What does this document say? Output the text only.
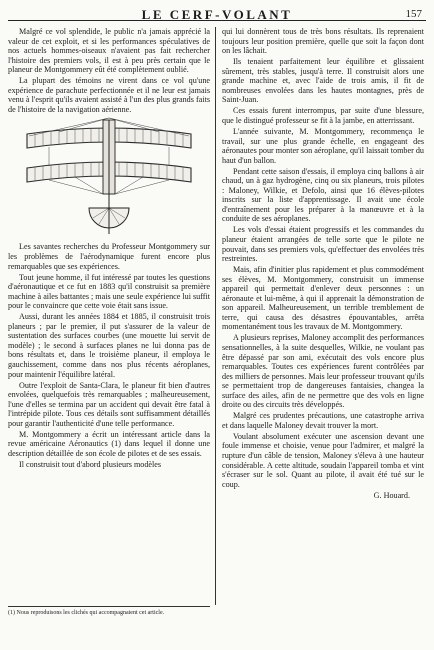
LE CERF-VOLANT	157

Malgré ce vol splendide, le public n'a jamais apprécié la valeur de cet exploit, et si les performances spéculatives de nos actuels hommes-oiseaux n'avaient pas fait rechercher l'histoire des premiers vols, il est à peu près certain que le planeur de Montgommery eût été complètement oublié.

La plupart des témoins ne virent dans ce vol qu'une expérience de parachute perfectionnée et il ne leur est jamais venu à l'esprit qu'ils avaient assisté à l'un des plus grands faits de l'histoire de la navigation aérienne.

Les savantes recherches du Professeur Montgommery sur les problèmes de l'aérodynamique furent encore plus remarquables que ses expériences.

Tout jeune homme, il fut intéressé par toutes les questions d'aéronautique et ce fut en 1883 qu'il construisit sa première machine à ailes battantes ; mais une seule expérience lui suffit pour le convaincre que cette voie était sans issue.

Aussi, durant les années 1884 et 1885, il construisit trois planeurs ; par le premier, il put s'assurer de la valeur de sustentation des surfaces courbes (une mouette lui servit de modèle) ; le second à surfaces planes ne lui donna pas de bons résultats et, dans le troisième planeur, il employa le gauchissement, comme dans nos plus récents aéroplanes, pour maintenir l'équilibre latéral.

Outre l'exploit de Santa-Clara, le planeur fit bien d'autres envolées, quelquefois très remarquables ; malheureusement, l'une d'elles se termina par un accident qui devait être fatal à l'intrépide pilote. Tous ces détails sont suffisamment détaillés pour garantir l'authenticité d'une telle performance.

M. Montgommery a écrit un intéressant article dans la revue américaine Aéronautics (1) dans lequel il donne une description détaillée de son école de pilotes et de ses essais.

Il construisit tout d'abord plusieurs modèles

qui lui donnèrent tous de très bons résultats. Ils reprenaient toujours leur position première, quelle que soit la façon dont on les lâchait.

Ils tenaient parfaitement leur équilibre et glissaient sûrement, très stables, jusqu'à terre. Il construisit alors une grande machine et, avec l'aide de trois amis, il fit de nombreuses envolées dans les hautes montagnes, près de Saint-Juan.

Ces essais furent interrompus, par suite d'une blessure, que le distingué professeur se fit à la jambe, en atterrissant.

L'année suivante, M. Montgommery, recommença le travail, sur une plus grande échelle, en engageant des aéronautes pour monter son aéroplane, qu'il laissait tomber du haut d'un ballon.

Pendant cette saison d'essais, il employa cinq ballons à air chaud, un à gaz hydrogène, cinq ou six planeurs, trois pilotes : Maloney, Wilkie, et Defolo, ainsi que 16 élèves-pilotes inscrits sur la liste d'apprentissage. Il avait une école d'entraînement pour les préparer à la manœuvre et à la conduite de ses aéroplanes.

Les vols d'essai étaient progressifs et les commandes du planeur étaient arrangées de telle sorte que le pilote ne pouvait, dans ses premiers vols, qu'effectuer des envolées très restreintes.

Mais, afin d'initier plus rapidement et plus commodément ses élèves, M. Montgommery, construisit un immense appareil qui permettait d'enlever deux personnes : un aéronaute et lui-même, à qui il apprenait la démonstration de son appareil. Malheureusement, un terrible tremblement de terre, qui causa des désastres épouvantables, arrêta momentanément tous les travaux de M. Montgommery.

A plusieurs reprises, Maloney accomplit des performances sensationnelles, à la suite desquelles, Wilkie, ne voulant pas être dépassé par son ami, exécutait des vols encore plus remarquables. Toutes ces expériences furent contrôlées par des milliers de personnes. Mais leur professeur trouvant qu'ils se permettaient trop de dangereuses fantaisies, changea la surface des ailes, afin de ne permettre que des vols en ligne droite ou des circuits très développés.

Malgré ces prudentes précautions, une catastrophe arriva et dans laquelle Maloney devait trouver la mort.

Voulant absolument exécuter une ascension devant une foule immense et choisie, venue pour l'admirer, et malgré la rupture d'un câble de tension, Maloney s'éleva à une hauteur considérable. A cette altitude, soudain l'appareil tomba et vint s'écraser sur le sol. Quant au pilote, il avait été tué sur le coup.

G. Houard.

(1) Nous reproduisons les clichés qui accompagnaient cet article.
